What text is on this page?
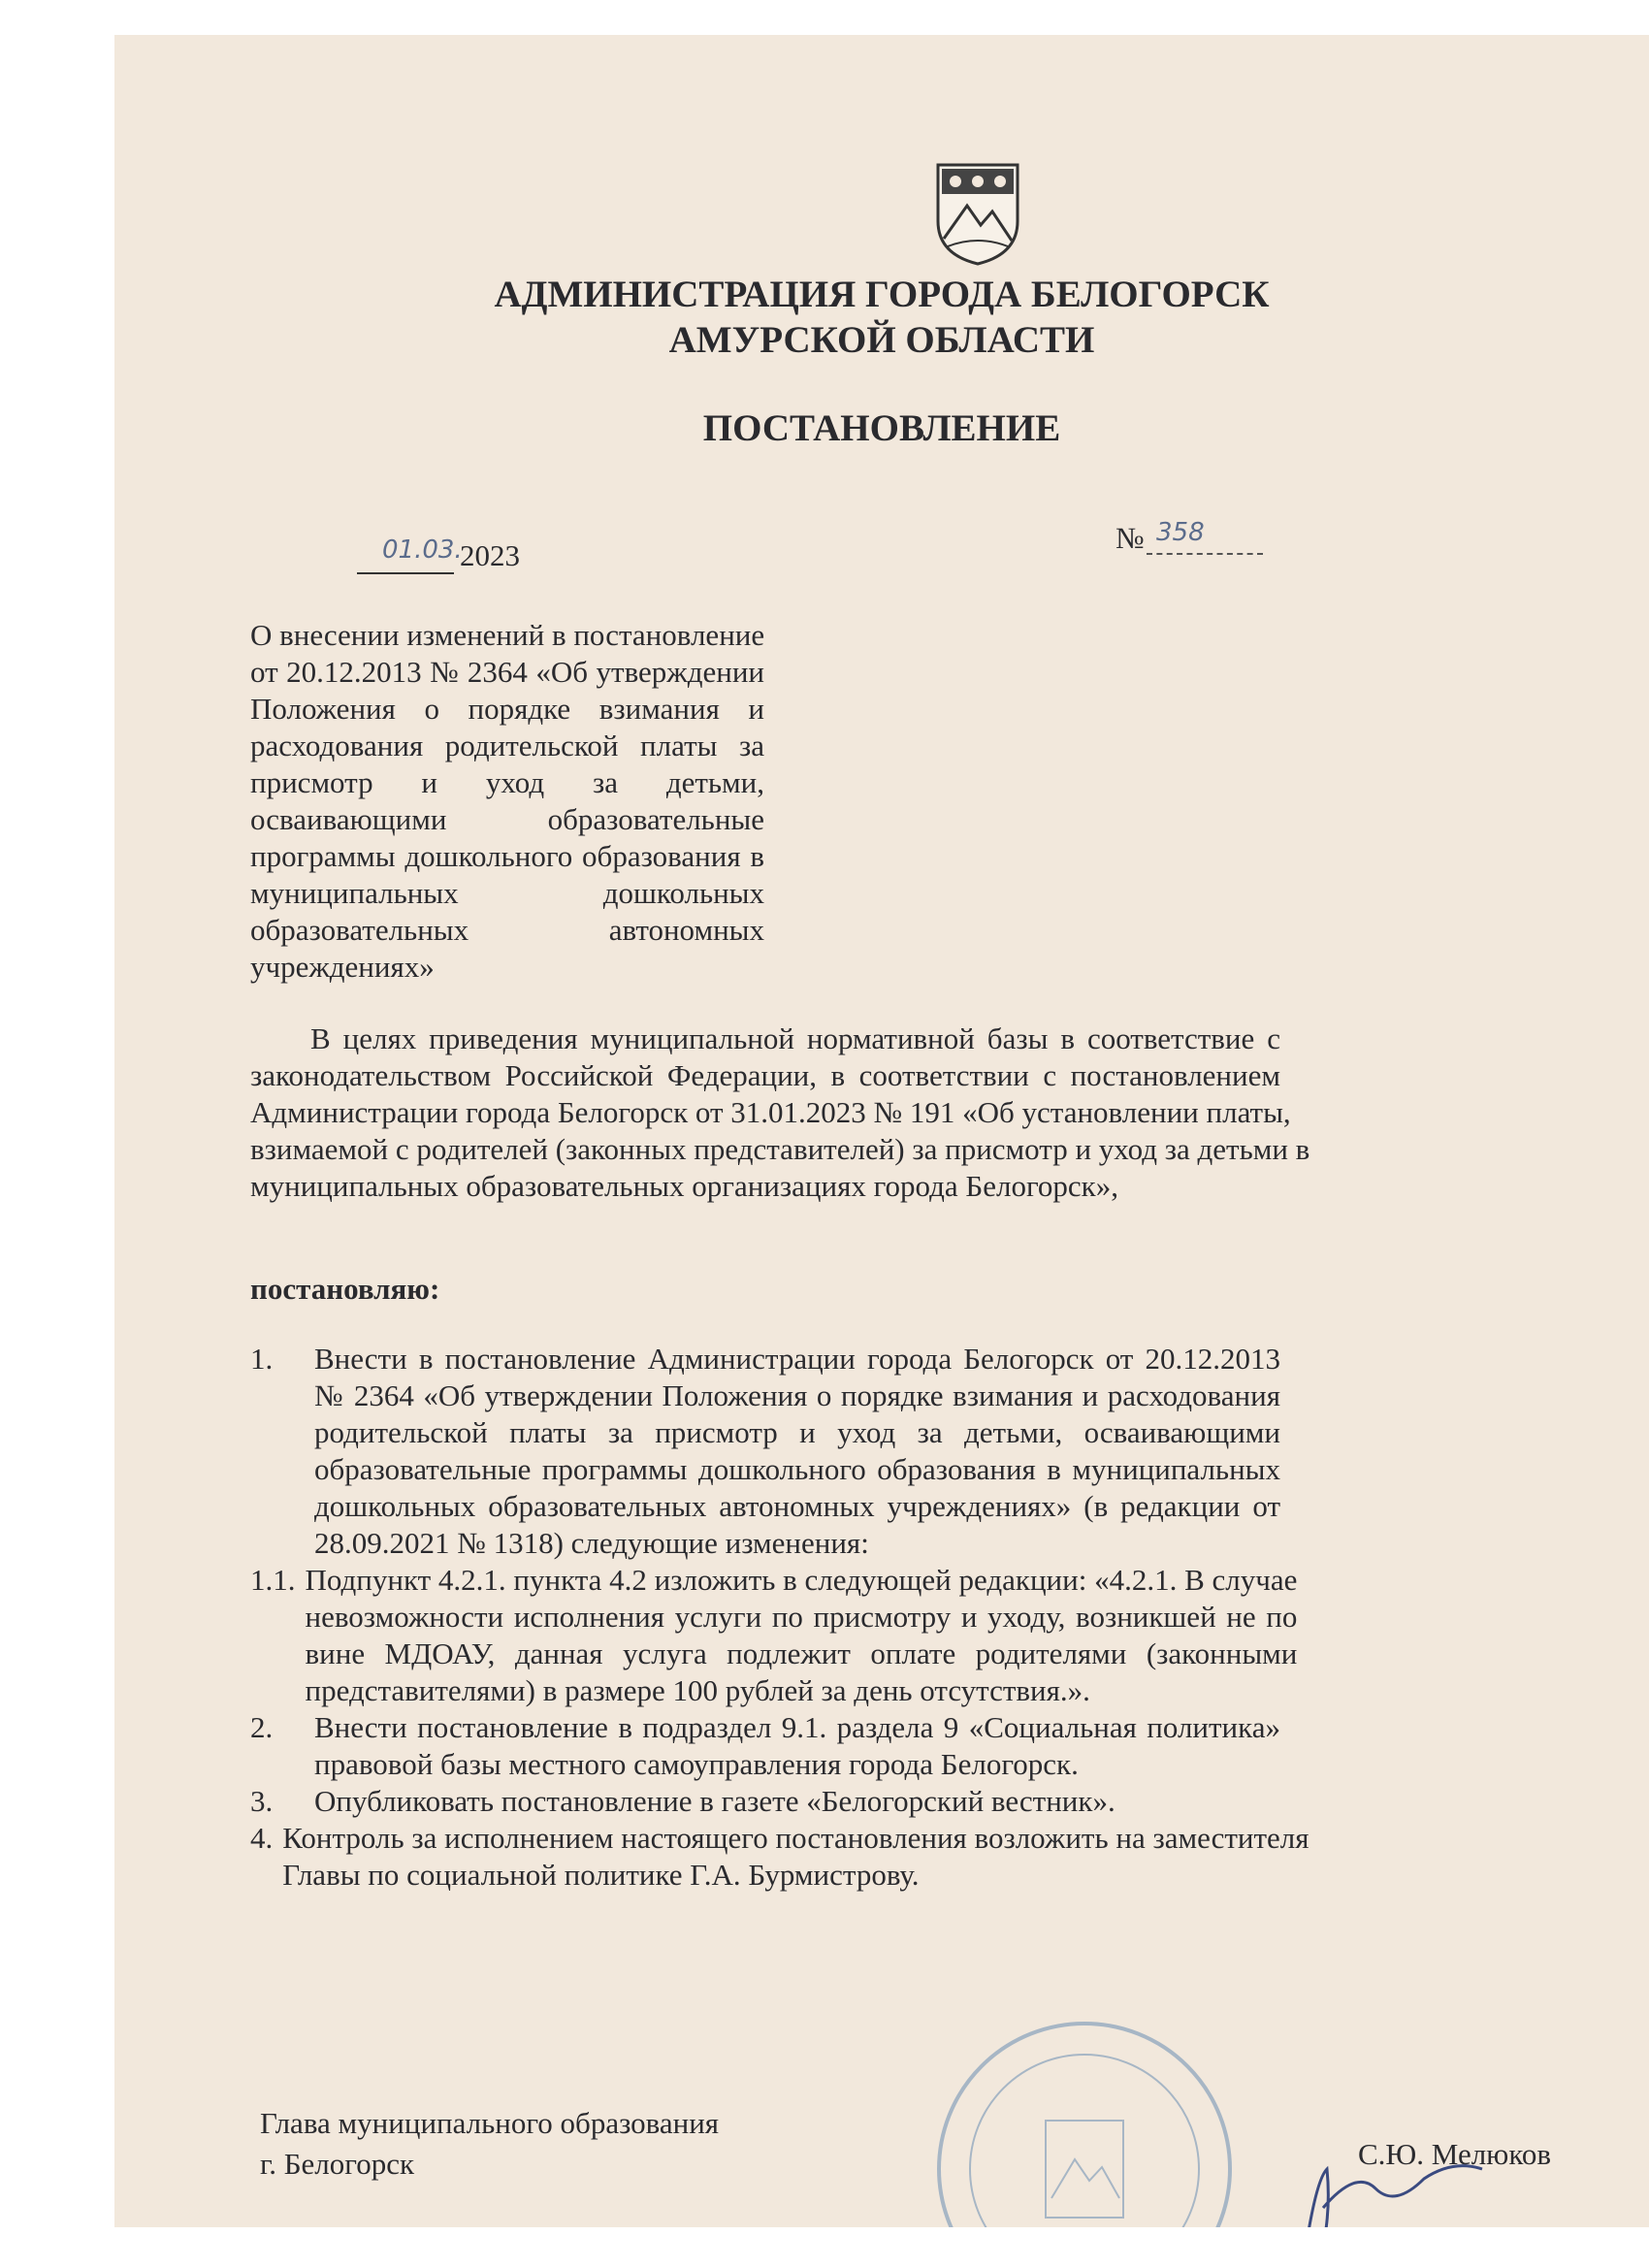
АДМИНИСТРАЦИЯ ГОРОДА БЕЛОГОРСК
АМУРСКОЙ ОБЛАСТИ
ПОСТАНОВЛЕНИЕ
01.03.
2023
№ 358
О внесении изменений в постановление
от 20.12.2013 № 2364 «Об утверждении
Положения о порядке взимания и
расходования родительской платы за
присмотр и уход за детьми,
осваивающими образовательные
программы дошкольного образования в
муниципальных дошкольных
образовательных автономных
учреждениях»
В целях приведения муниципальной нормативной базы в соответствие с
законодательством Российской Федерации, в соответствии с постановлением
Администрации города Белогорск от 31.01.2023 № 191 «Об установлении платы,
взимаемой с родителей (законных представителей) за присмотр и уход за детьми в
муниципальных образовательных организациях города Белогорск»,
постановляю:
1.	Внести в постановление Администрации города Белогорск от 20.12.2013
№ 2364 «Об утверждении Положения о порядке взимания и расходования
родительской платы за присмотр и уход за детьми, осваивающими
образовательные программы дошкольного образования в муниципальных
дошкольных образовательных автономных учреждениях» (в редакции от
28.09.2021 № 1318) следующие изменения:
1.1. Подпункт 4.2.1. пункта 4.2 изложить в следующей редакции: «4.2.1. В случае
невозможности исполнения услуги по присмотру и уходу, возникшей не по
вине МДОАУ, данная услуга подлежит оплате родителями (законными
представителями) в размере 100 рублей за день отсутствия.».
2.	Внести постановление в подраздел 9.1. раздела 9 «Социальная политика»
правовой базы местного самоуправления города Белогорск.
3.	Опубликовать постановление в газете «Белогорский вестник».
4. Контроль за исполнением настоящего постановления возложить на заместителя
Главы по социальной политике Г.А. Бурмистрову.
Глава муниципального образования
г. Белогорск	С.Ю. Мелюков
